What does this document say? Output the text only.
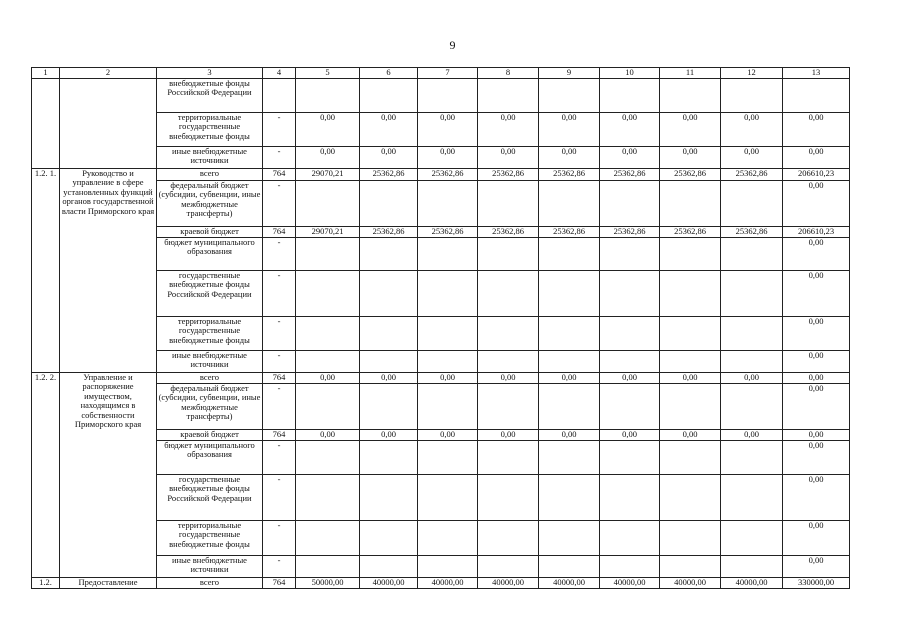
9
1	2	3	4	5	6	7	8	9	10	11	12	13
		внебюджетные фонды Российской Федерации										
		территориальные государственные внебюджетные фонды	-	0,00	0,00	0,00	0,00	0,00	0,00	0,00	0,00	0,00
		иные внебюджетные источники	-	0,00	0,00	0,00	0,00	0,00	0,00	0,00	0,00	0,00
1.2. 1.	Руководство и управление в сфере установленных функций органов государственной власти Приморского края	всего	764	29070,21	25362,86	25362,86	25362,86	25362,86	25362,86	25362,86	25362,86	206610,23
		федеральный бюджет (субсидии, субвенции, иные межбюджетные трансферты)	-									0,00
		краевой бюджет	764	29070,21	25362,86	25362,86	25362,86	25362,86	25362,86	25362,86	25362,86	206610,23
		бюджет муниципального образования	-									0,00
		государственные внебюджетные фонды Российской Федерации	-									0,00
		территориальные государственные внебюджетные фонды	-									0,00
		иные внебюджетные источники	-									0,00
1.2. 2.	Управление и распоряжение имуществом, находящимся в собственности Приморского края	всего	764	0,00	0,00	0,00	0,00	0,00	0,00	0,00	0,00	0,00
		федеральный бюджет (субсидии, субвенции, иные межбюджетные трансферты)	-									0,00
		краевой бюджет	764	0,00	0,00	0,00	0,00	0,00	0,00	0,00	0,00	0,00
		бюджет муниципального образования	-									0,00
		государственные внебюджетные фонды Российской Федерации	-									0,00
		территориальные государственные внебюджетные фонды	-									0,00
		иные внебюджетные источники	-									0,00
1.2.	Предоставление	всего	764	50000,00	40000,00	40000,00	40000,00	40000,00	40000,00	40000,00	40000,00	330000,00
